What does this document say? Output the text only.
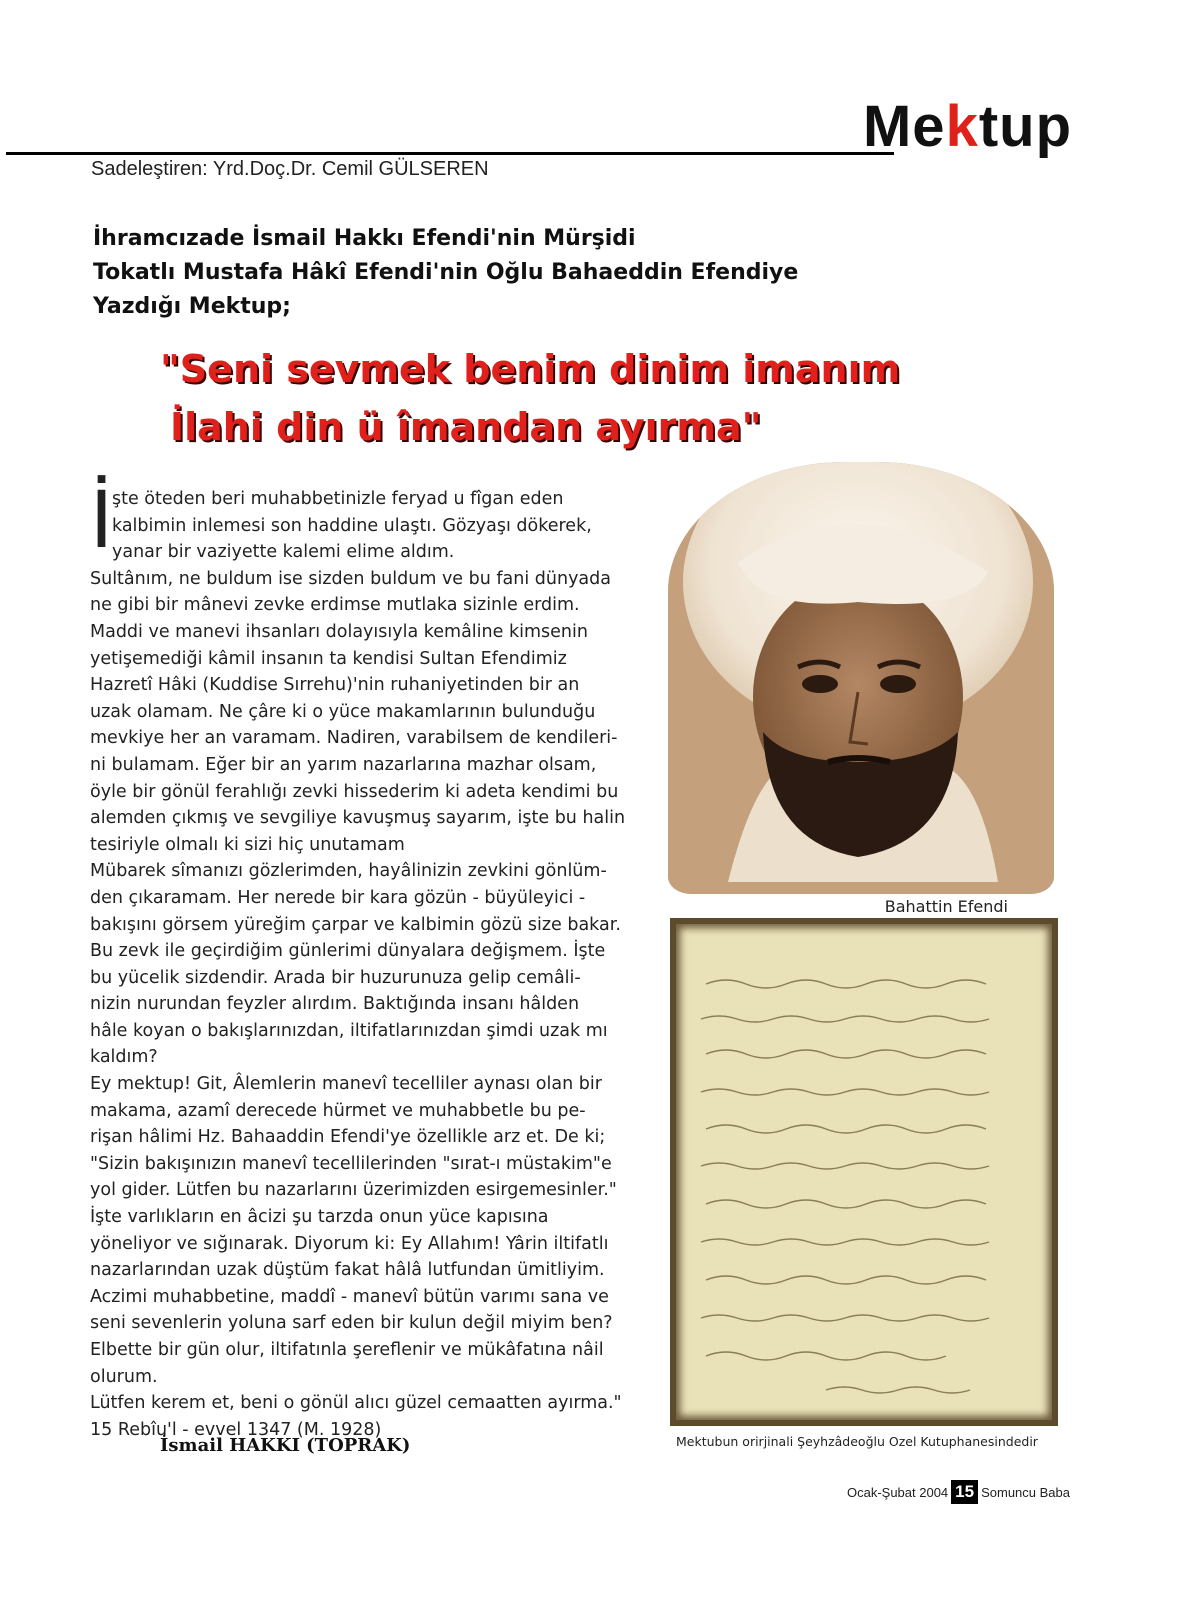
Mektup
Sadeleştiren: Yrd.Doç.Dr. Cemil GÜLSEREN
İhramcızade İsmail Hakkı Efendi'nin Mürşidi
Tokatlı Mustafa Hâkî Efendi'nin Oğlu Bahaeddin Efendiye
Yazdığı Mektup;
"Seni sevmek benim dinim imanım
İlahi din ü îmandan ayırma"
İ
şte öteden beri muhabbetinizle feryad u fîgan eden
kalbimin inlemesi son haddine ulaştı. Gözyaşı dökerek,
yanar bir vaziyette kalemi elime aldım.
Sultânım, ne buldum ise sizden buldum ve bu fani dünyada
ne gibi bir mânevi zevke erdimse mutlaka sizinle erdim.
Maddi ve manevi ihsanları dolayısıyla kemâline kimsenin
yetişemediği kâmil insanın ta kendisi Sultan Efendimiz
Hazretî Hâki (Kuddise Sırrehu)'nin ruhaniyetinden bir an
uzak olamam. Ne çâre ki o yüce makamlarının bulunduğu
mevkiye her an varamam. Nadiren, varabilsem de kendileri-
ni bulamam. Eğer bir an yarım nazarlarına mazhar olsam,
öyle bir gönül ferahlığı zevki hissederim ki adeta kendimi bu
alemden çıkmış ve sevgiliye kavuşmuş sayarım, işte bu halin
tesiriyle olmalı ki sizi hiç unutamam
Mübarek sîmanızı gözlerimden, hayâlinizin zevkini gönlüm-
den çıkaramam. Her nerede bir kara gözün - büyüleyici -
bakışını görsem yüreğim çarpar ve kalbimin gözü size bakar.
Bu zevk ile geçirdiğim günlerimi dünyalara değişmem. İşte
bu yücelik sizdendir. Arada bir huzurunuza gelip cemâli-
nizin nurundan feyzler alırdım. Baktığında insanı hâlden
hâle koyan o bakışlarınızdan, iltifatlarınızdan şimdi uzak mı
kaldım?
Ey mektup! Git, Âlemlerin manevî tecelliler aynası olan bir
makama, azamî derecede hürmet ve muhabbetle bu pe-
rişan hâlimi Hz. Bahaaddin Efendi'ye özellikle arz et. De ki;
"Sizin bakışınızın manevî tecellilerinden "sırat-ı müstakim"e
yol gider. Lütfen bu nazarlarını üzerimizden esirgemesinler."
İşte varlıkların en âcizi şu tarzda onun yüce kapısına
yöneliyor ve sığınarak. Diyorum ki: Ey Allahım! Yârin iltifatlı
nazarlarından uzak düştüm fakat hâlâ lutfundan ümitliyim.
Aczimi muhabbetine, maddî - manevî bütün varımı sana ve
seni sevenlerin yoluna sarf eden bir kulun değil miyim ben?
Elbette bir gün olur, iltifatınla şereflenir ve mükâfatına nâil
olurum.
Lütfen kerem et, beni o gönül alıcı güzel cemaatten ayırma."
15 Rebîu'l - evvel 1347 (M. 1928)
İsmail HAKKI (TOPRAK)
Bahattin Efendi
Mektubun orirjinali Şeyhzâdeoğlu Ozel Kutuphanesindedir
Ocak-Şubat 2004 15 Somuncu Baba
